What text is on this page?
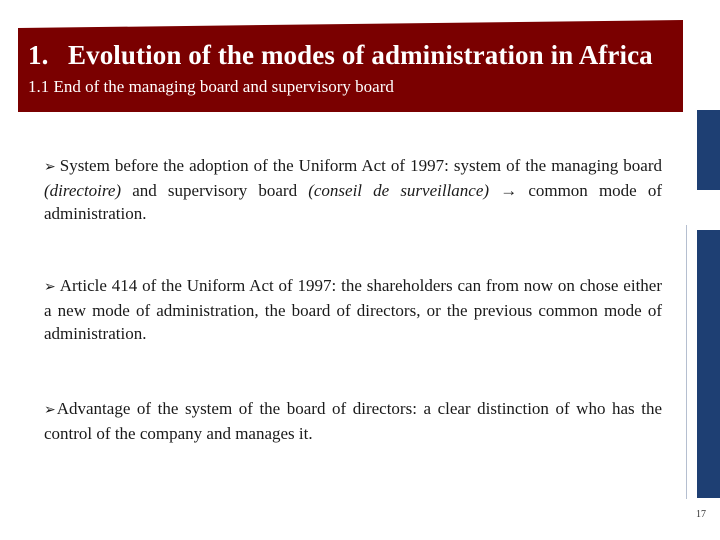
1. Evolution of the modes of administration in Africa
1.1 End of the managing board and supervisory board
➢ System before the adoption of the Uniform Act of 1997: system of the managing board (directoire) and supervisory board (conseil de surveillance) → common mode of administration.
➢ Article 414 of the Uniform Act of 1997: the shareholders can from now on chose either a new mode of administration, the board of directors, or the previous common mode of administration.
➢Advantage of the system of the board of directors: a clear distinction of who has the control of the company and manages it.
17
